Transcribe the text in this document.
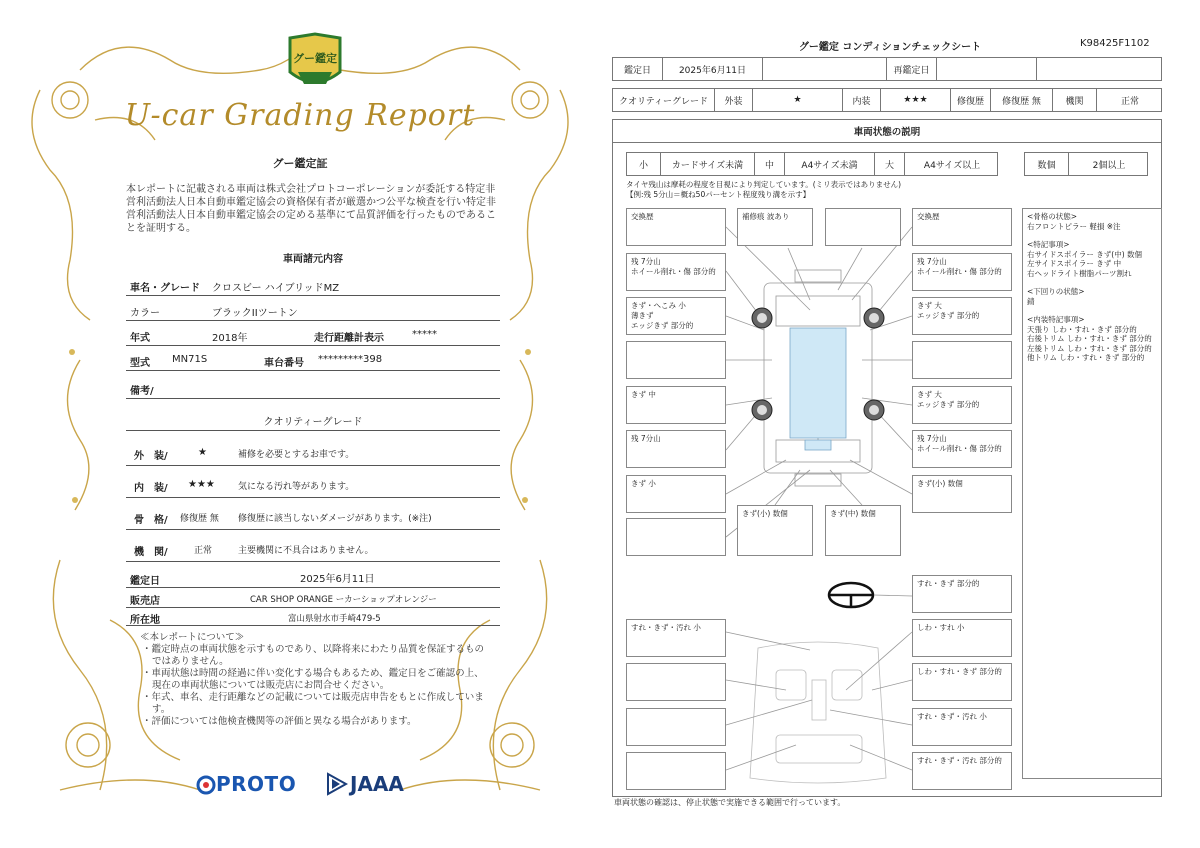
グー鑑定
U-car Grading Report
グー鑑定証
本レポートに記載される車両は株式会社プロトコーポレーションが委託する特定非営利活動法人日本自動車鑑定協会の資格保有者が厳選かつ公平な検査を行い特定非営利活動法人日本自動車鑑定協会の定める基準にて品質評価を行ったものであることを証明する。
車両諸元内容
車名・グレード クロスビー ハイブリッドMZ
カラー	ブラックIIツートン
年式	2018年	走行距離計表示	*****
型式 MN71S	車台番号 *********398
備考/
クオリティーグレード
外　装/	★	補修を必要とするお車です。
内　装/ ★★★	気になる汚れ等があります。
骨　格/ 修復歴 無 修復歴に該当しないダメージがあります。(※注)
機　関/	正常	主要機関に不具合はありません。
鑑定日	2025年6月11日
販売店	CAR SHOP ORANGE ーカーショップオレンジー
所在地	富山県射水市手崎479-5
≪本レポートについて≫
・鑑定時点の車両状態を示すものであり、以降将来にわたり品質を保証するものではありません。
・車両状態は時間の経過に伴い変化する場合もあるため、鑑定日をご確認の上、現在の車両状態については販売店にお問合せください。
・年式、車名、走行距離などの記載については販売店申告をもとに作成しています。
・評価については他検査機関等の評価と異なる場合があります。
PROTO	JAAA
グー鑑定 コンディションチェックシート	K98425F1102
鑑定日	2025年6月11日	再鑑定日
クオリティーグレード	外装	★	内装	★★★	修復歴	修復歴 無	機関	正常
車両状態の説明
小	カードサイズ未満	中	A4サイズ未満	大	A4サイズ以上	数個	2個以上
タイヤ残山は摩耗の程度を目視により判定しています。(ミリ表示ではありません)
【例:残 5分山＝概ね50パーセント程度残り溝を示す】
交換歴	補修痕 波あり	交換歴
残 7分山
ホイール削れ・傷 部分的
残 7分山
ホイール削れ・傷 部分的
きず・へこみ 小
薄きず
エッジきず 部分的
きず 大
エッジきず 部分的
きず 中	きず 大
エッジきず 部分的
残 7分山	残 7分山
ホイール削れ・傷 部分的
きず 小	きず(小) 数個
きず(小) 数個	きず(中) 数個
すれ・きず 部分的
すれ・きず・汚れ 小	しわ・すれ 小
しわ・すれ・きず 部分的
すれ・きず・汚れ 小
すれ・きず・汚れ 部分的
<骨格の状態>
右フロントピラー 軽損 ※注
<特記事項>
右サイドスポイラー きず(中) 数個
左サイドスポイラー きず 中
右ヘッドライト樹脂パーツ割れ
<下回りの状態>
錆
<内装特記事項>
天張り しわ・すれ・きず 部分的
右後トリム しわ・すれ・きず 部分的
左後トリム しわ・すれ・きず 部分的
他トリム しわ・すれ・きず 部分的
車両状態の確認は、停止状態で実施できる範囲で行っています。
